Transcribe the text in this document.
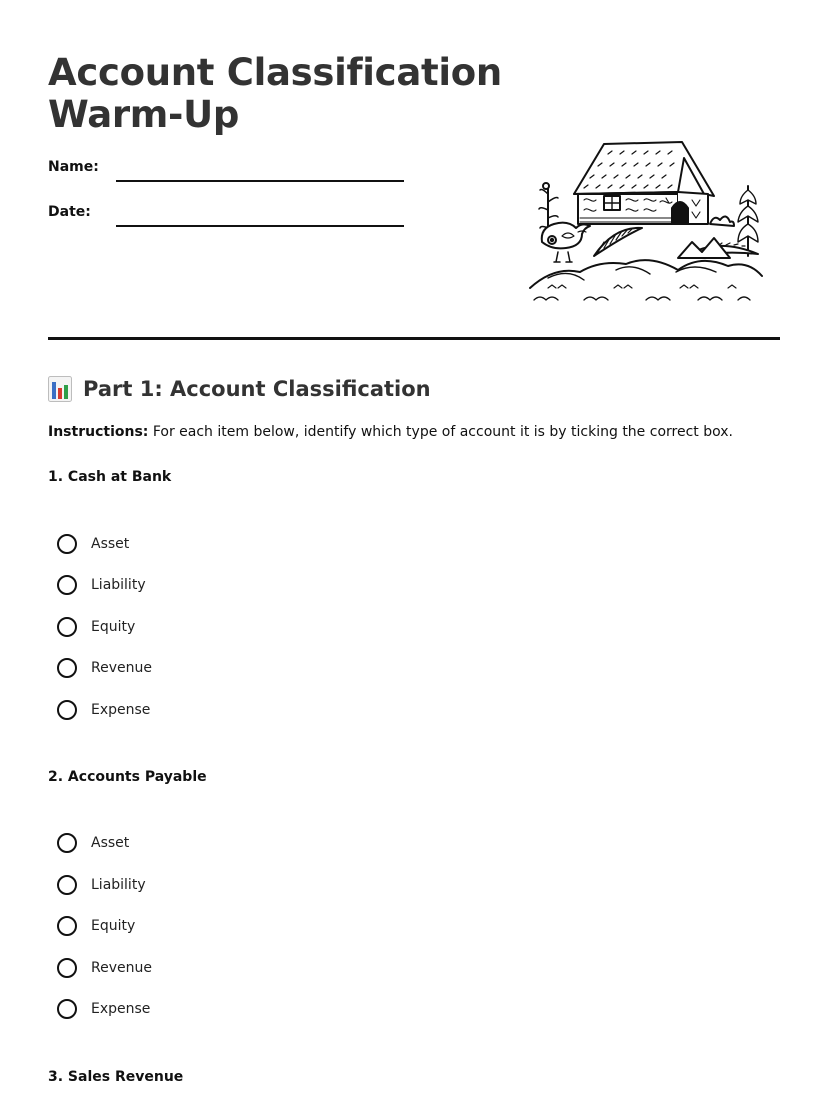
Account Classification
Warm-Up
Name:
Date:
Part 1: Account Classification
Instructions: For each item below, identify which type of account it is by ticking the correct box.
1. Cash at Bank
Asset
Liability
Equity
Revenue
Expense
2. Accounts Payable
Asset
Liability
Equity
Revenue
Expense
3. Sales Revenue
